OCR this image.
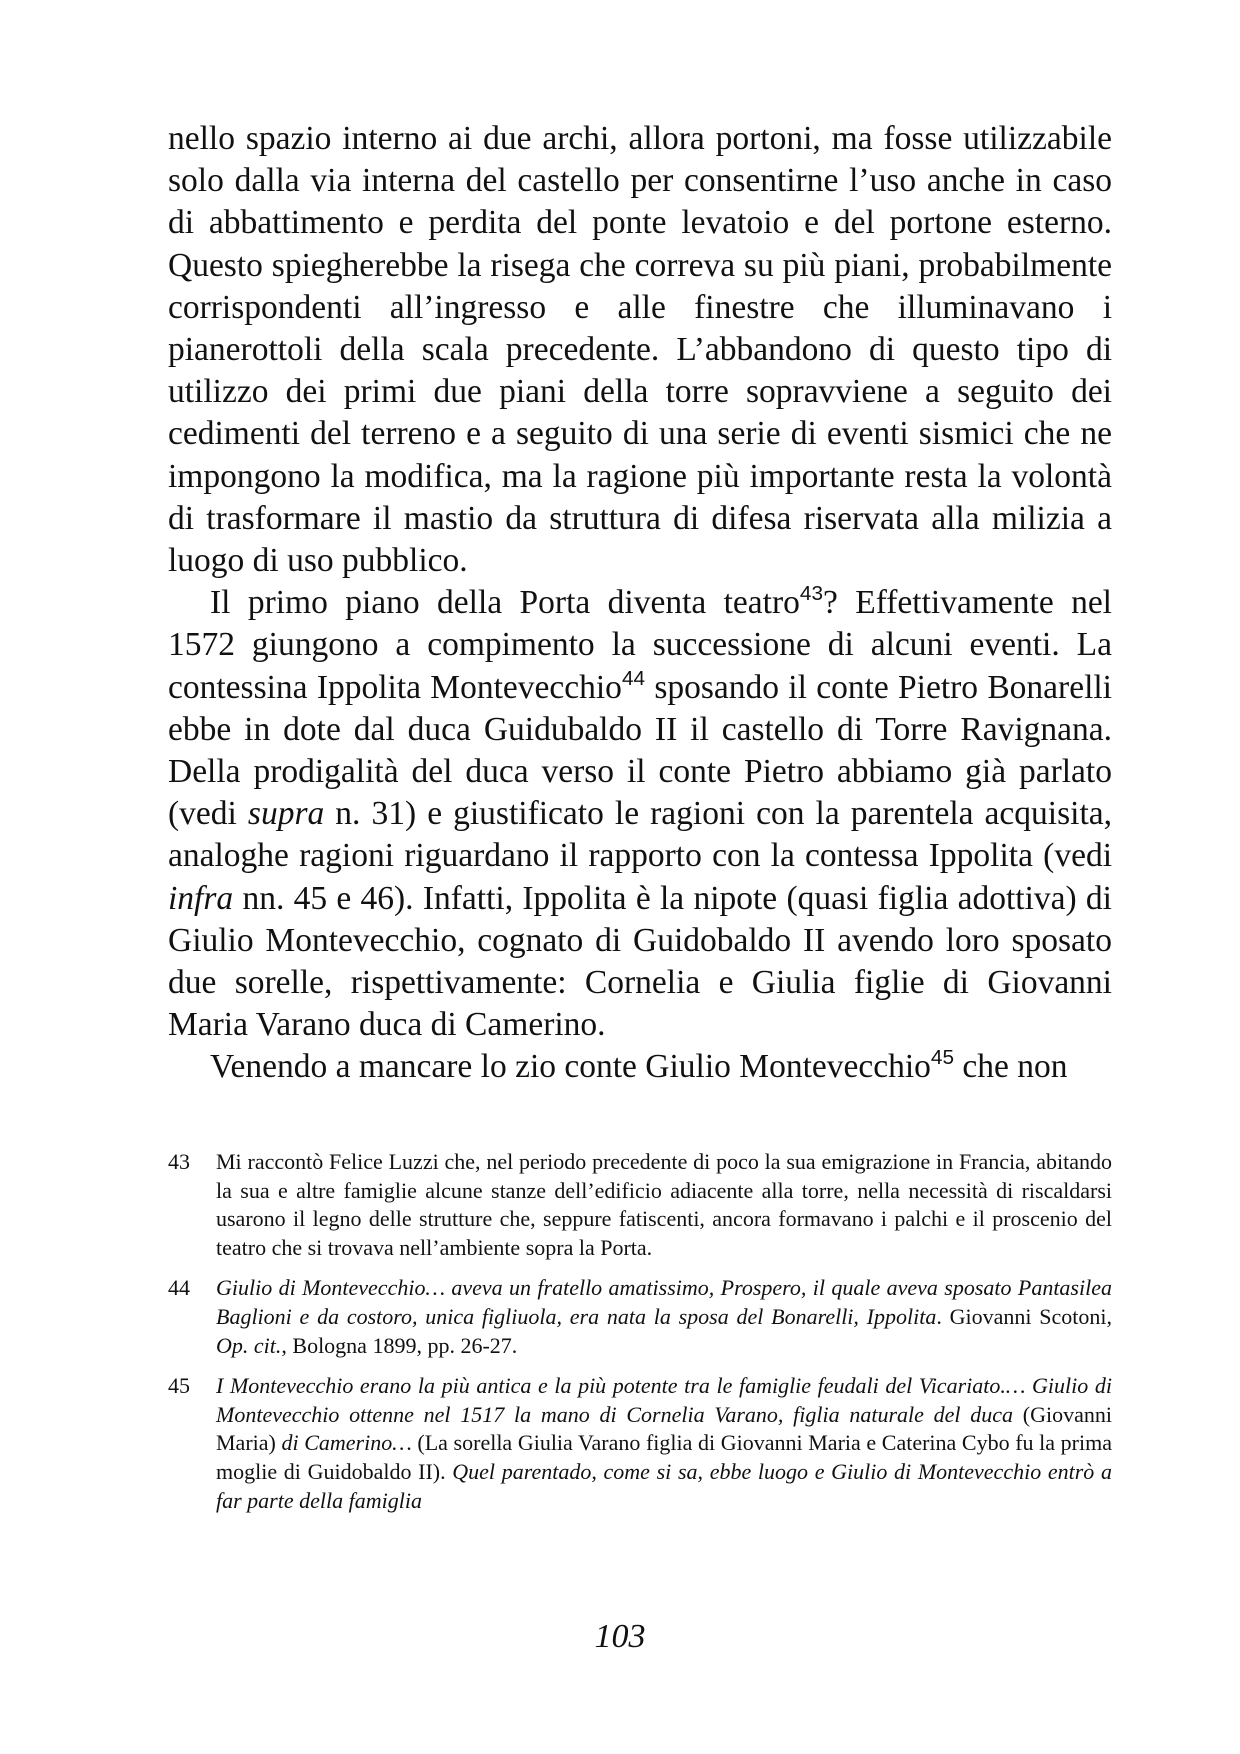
nello spazio interno ai due archi, allora portoni, ma fosse utilizzabile solo dalla via interna del castello per consentirne l’uso anche in caso di abbattimento e perdita del ponte levatoio e del portone esterno. Questo spiegherebbe la risega che correva su più piani, probabilmente corrispondenti all’ingresso e alle finestre che illuminavano i pianerottoli della scala precedente. L’abbandono di questo tipo di utilizzo dei primi due piani della torre sopravviene a seguito dei cedimenti del terreno e a seguito di una serie di eventi sismici che ne impongono la modifica, ma la ragione più importante resta la volontà di trasformare il mastio da struttura di difesa riservata alla milizia a luogo di uso pubblico.

Il primo piano della Porta diventa teatro$^{43}$? Effettivamente nel 1572 giungono a compimento la successione di alcuni eventi. La contessina Ippolita Montevecchio$^{44}$ sposando il conte Pietro Bonarelli ebbe in dote dal duca Guidubaldo II il castello di Torre Ravignana. Della prodigalità del duca verso il conte Pietro abbiamo già parlato (vedi supra n. 31) e giustificato le ragioni con la parentela acquisita, analoghe ragioni riguardano il rapporto con la contessa Ippolita (vedi infra nn. 45 e 46). Infatti, Ippolita è la nipote (quasi figlia adottiva) di Giulio Montevecchio, cognato di Guidobaldo II avendo loro sposato due sorelle, rispettivamente: Cornelia e Giulia figlie di Giovanni Maria Varano duca di Camerino.

Venendo a mancare lo zio conte Giulio Montevecchio$^{45}$ che non

43	Mi raccontò Felice Luzzi che, nel periodo precedente di poco la sua emigrazione in Francia, abitando la sua e altre famiglie alcune stanze dell’edificio adiacente alla torre, nella necessità di riscaldarsi usarono il legno delle strutture che, seppure fatiscenti, ancora formavano i palchi e il proscenio del teatro che si trovava nell’ambiente sopra la Porta.
44	Giulio di Montevecchio… aveva un fratello amatissimo, Prospero, il quale aveva sposato Pantasilea Baglioni e da costoro, unica figliuola, era nata la sposa del Bonarelli, Ippolita. Giovanni Scotoni, Op. cit., Bologna 1899, pp. 26-27.
45	I Montevecchio erano la più antica e la più potente tra le famiglie feudali del Vicariato.… Giulio di Montevecchio ottenne nel 1517 la mano di Cornelia Varano, figlia naturale del duca (Giovanni Maria) di Camerino… (La sorella Giulia Varano figlia di Giovanni Maria e Caterina Cybo fu la prima moglie di Guidobaldo II). Quel parentado, come si sa, ebbe luogo e Giulio di Montevecchio entrò a far parte della famiglia
103
